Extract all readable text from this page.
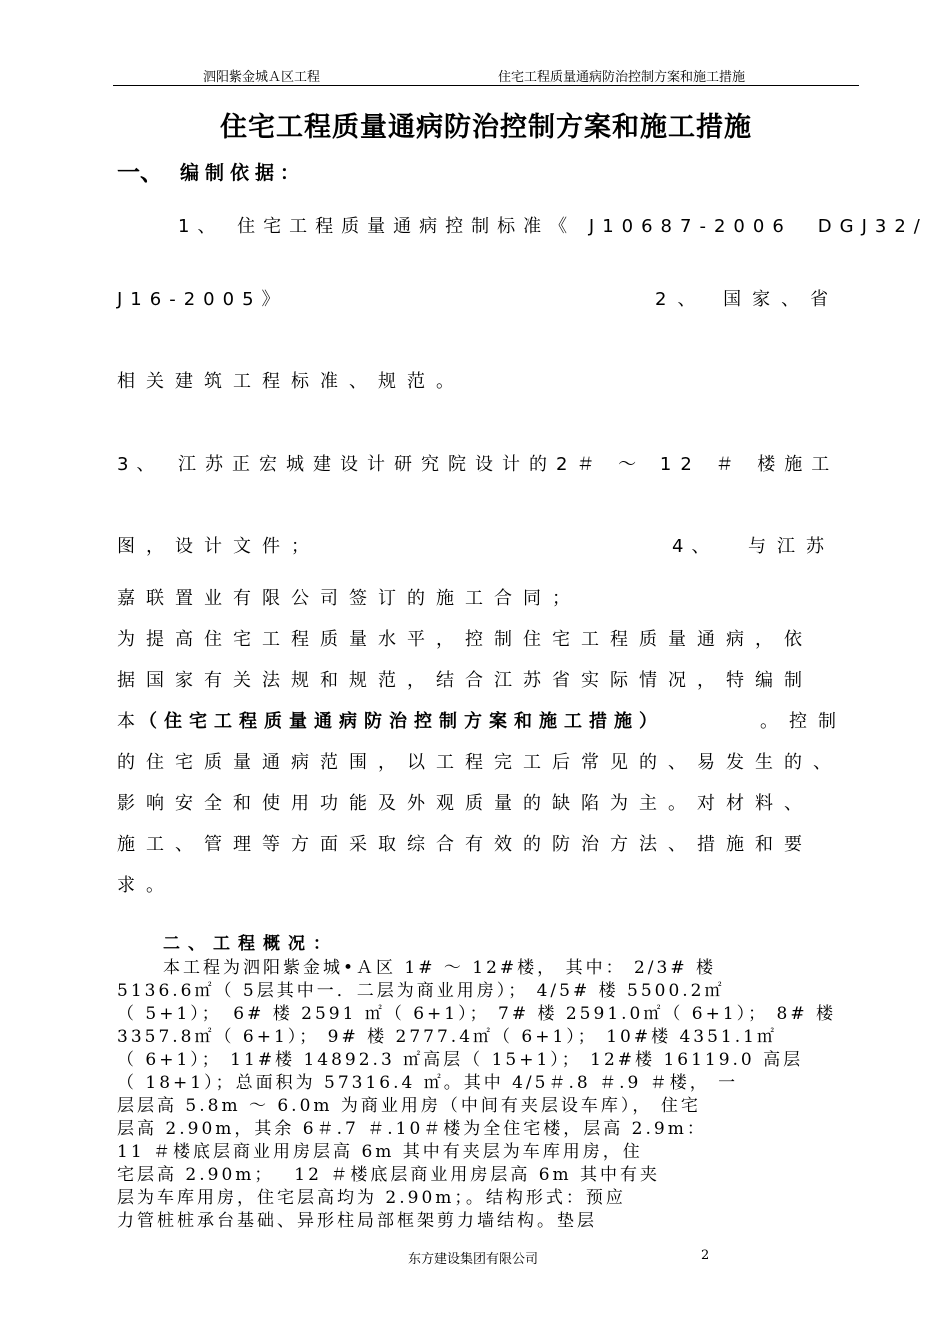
泗阳紫金城Ａ区工程	住宅工程质量通病防治控制方案和施工措施
住宅工程质量通病防治控制方案和施工措施
一、 编制依据：
1、 住宅工程质量通病控制标准《 J10687-2006　DGJ32/
J16-2005》	2、 国家、省
相关建筑工程标准、规范。
3、 江苏正宏城建设计研究院设计的2＃ ～ 12 ＃ 楼施工
图，设计文件；	4、 与江苏
嘉联置业有限公司签订的施工合同；
为提高住宅工程质量水平，控制住宅工程质量通病，依
据国家有关法规和规范，结合江苏省实际情况，特编制
本
（住宅工程质量通病防治控制方案和施工措施）	。控制
的住宅质量通病范围，以工程完工后常见的、易发生的、
影响安全和使用功能及外观质量的缺陷为主。对材料、
施工、管理等方面采取综合有效的防治方法、措施和要
求。
二、工程概况：
本工程为泗阳紫金城•Ａ区 1# ～ 12#楼， 其中： 2/3# 楼
5136.6㎡（ 5层其中一．二层为商业用房）； 4/5# 楼 5500.2㎡
（ 5+1）；　6# 楼 2591 ㎡（ 6+1）； 7# 楼 2591.0㎡（ 6+1）； 8# 楼
3357.8㎡（ 6+1）； 9# 楼 2777.4㎡（ 6+1）； 10#楼 4351.1㎡
（ 6+1）； 11#楼 14892.3 ㎡高层（ 15+1）； 12#楼 16119.0 高层
（ 18+1）；总面积为 57316.4 ㎡。其中 4/5＃.8 ＃.9 ＃楼， 一
层层高 5.8m ～ 6.0m 为商业用房（中间有夹层设车库）， 住宅
层高 2.90m，其余 6＃.7 ＃.10＃楼为全住宅楼，层高 2.9m：
11 ＃楼底层商业用房层高 6m 其中有夹层为车库用房，住
宅层高 2.90m；　 12 ＃楼底层商业用房层高 6m 其中有夹
层为车库用房，住宅层高均为 2.90m；。结构形式：预应
力管桩桩承台基础、异形柱局部框架剪力墙结构。垫层
东方建设集团有限公司	2
